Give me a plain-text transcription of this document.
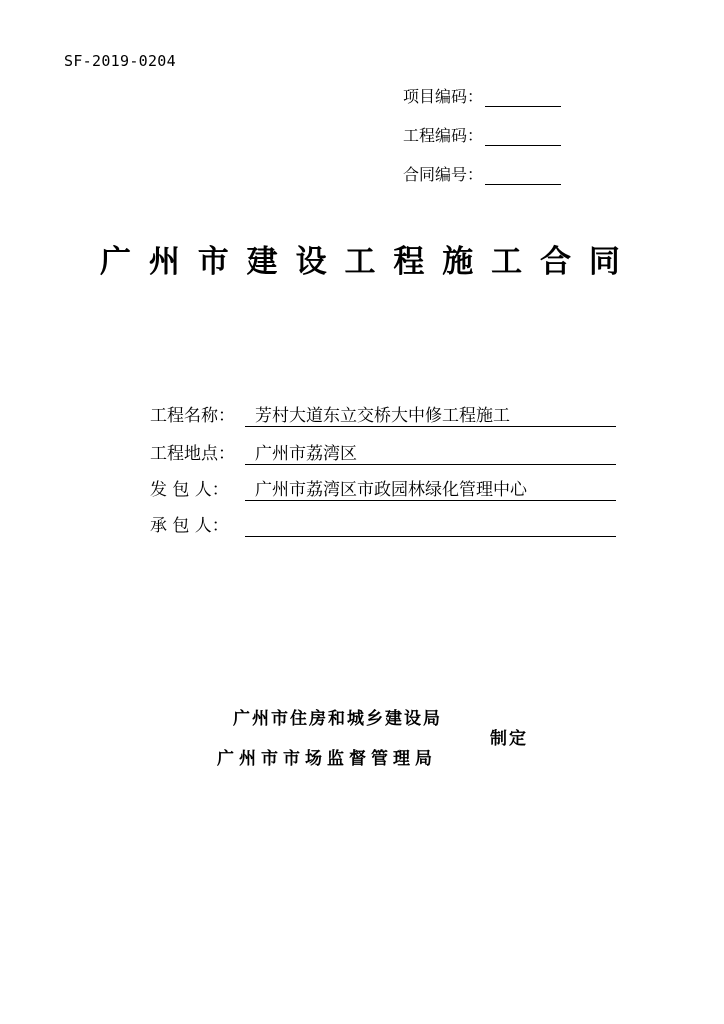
SF-2019-0204
项目编码：
工程编码：
合同编号：
广 州 市 建 设 工 程 施 工 合 同
工程名称：	芳村大道东立交桥大中修工程施工
工程地点：	广州市荔湾区
发 包 人：	广州市荔湾区市政园林绿化管理中心
承 包 人：
广州市住房和城乡建设局
广州市市场监督管理局
制定
